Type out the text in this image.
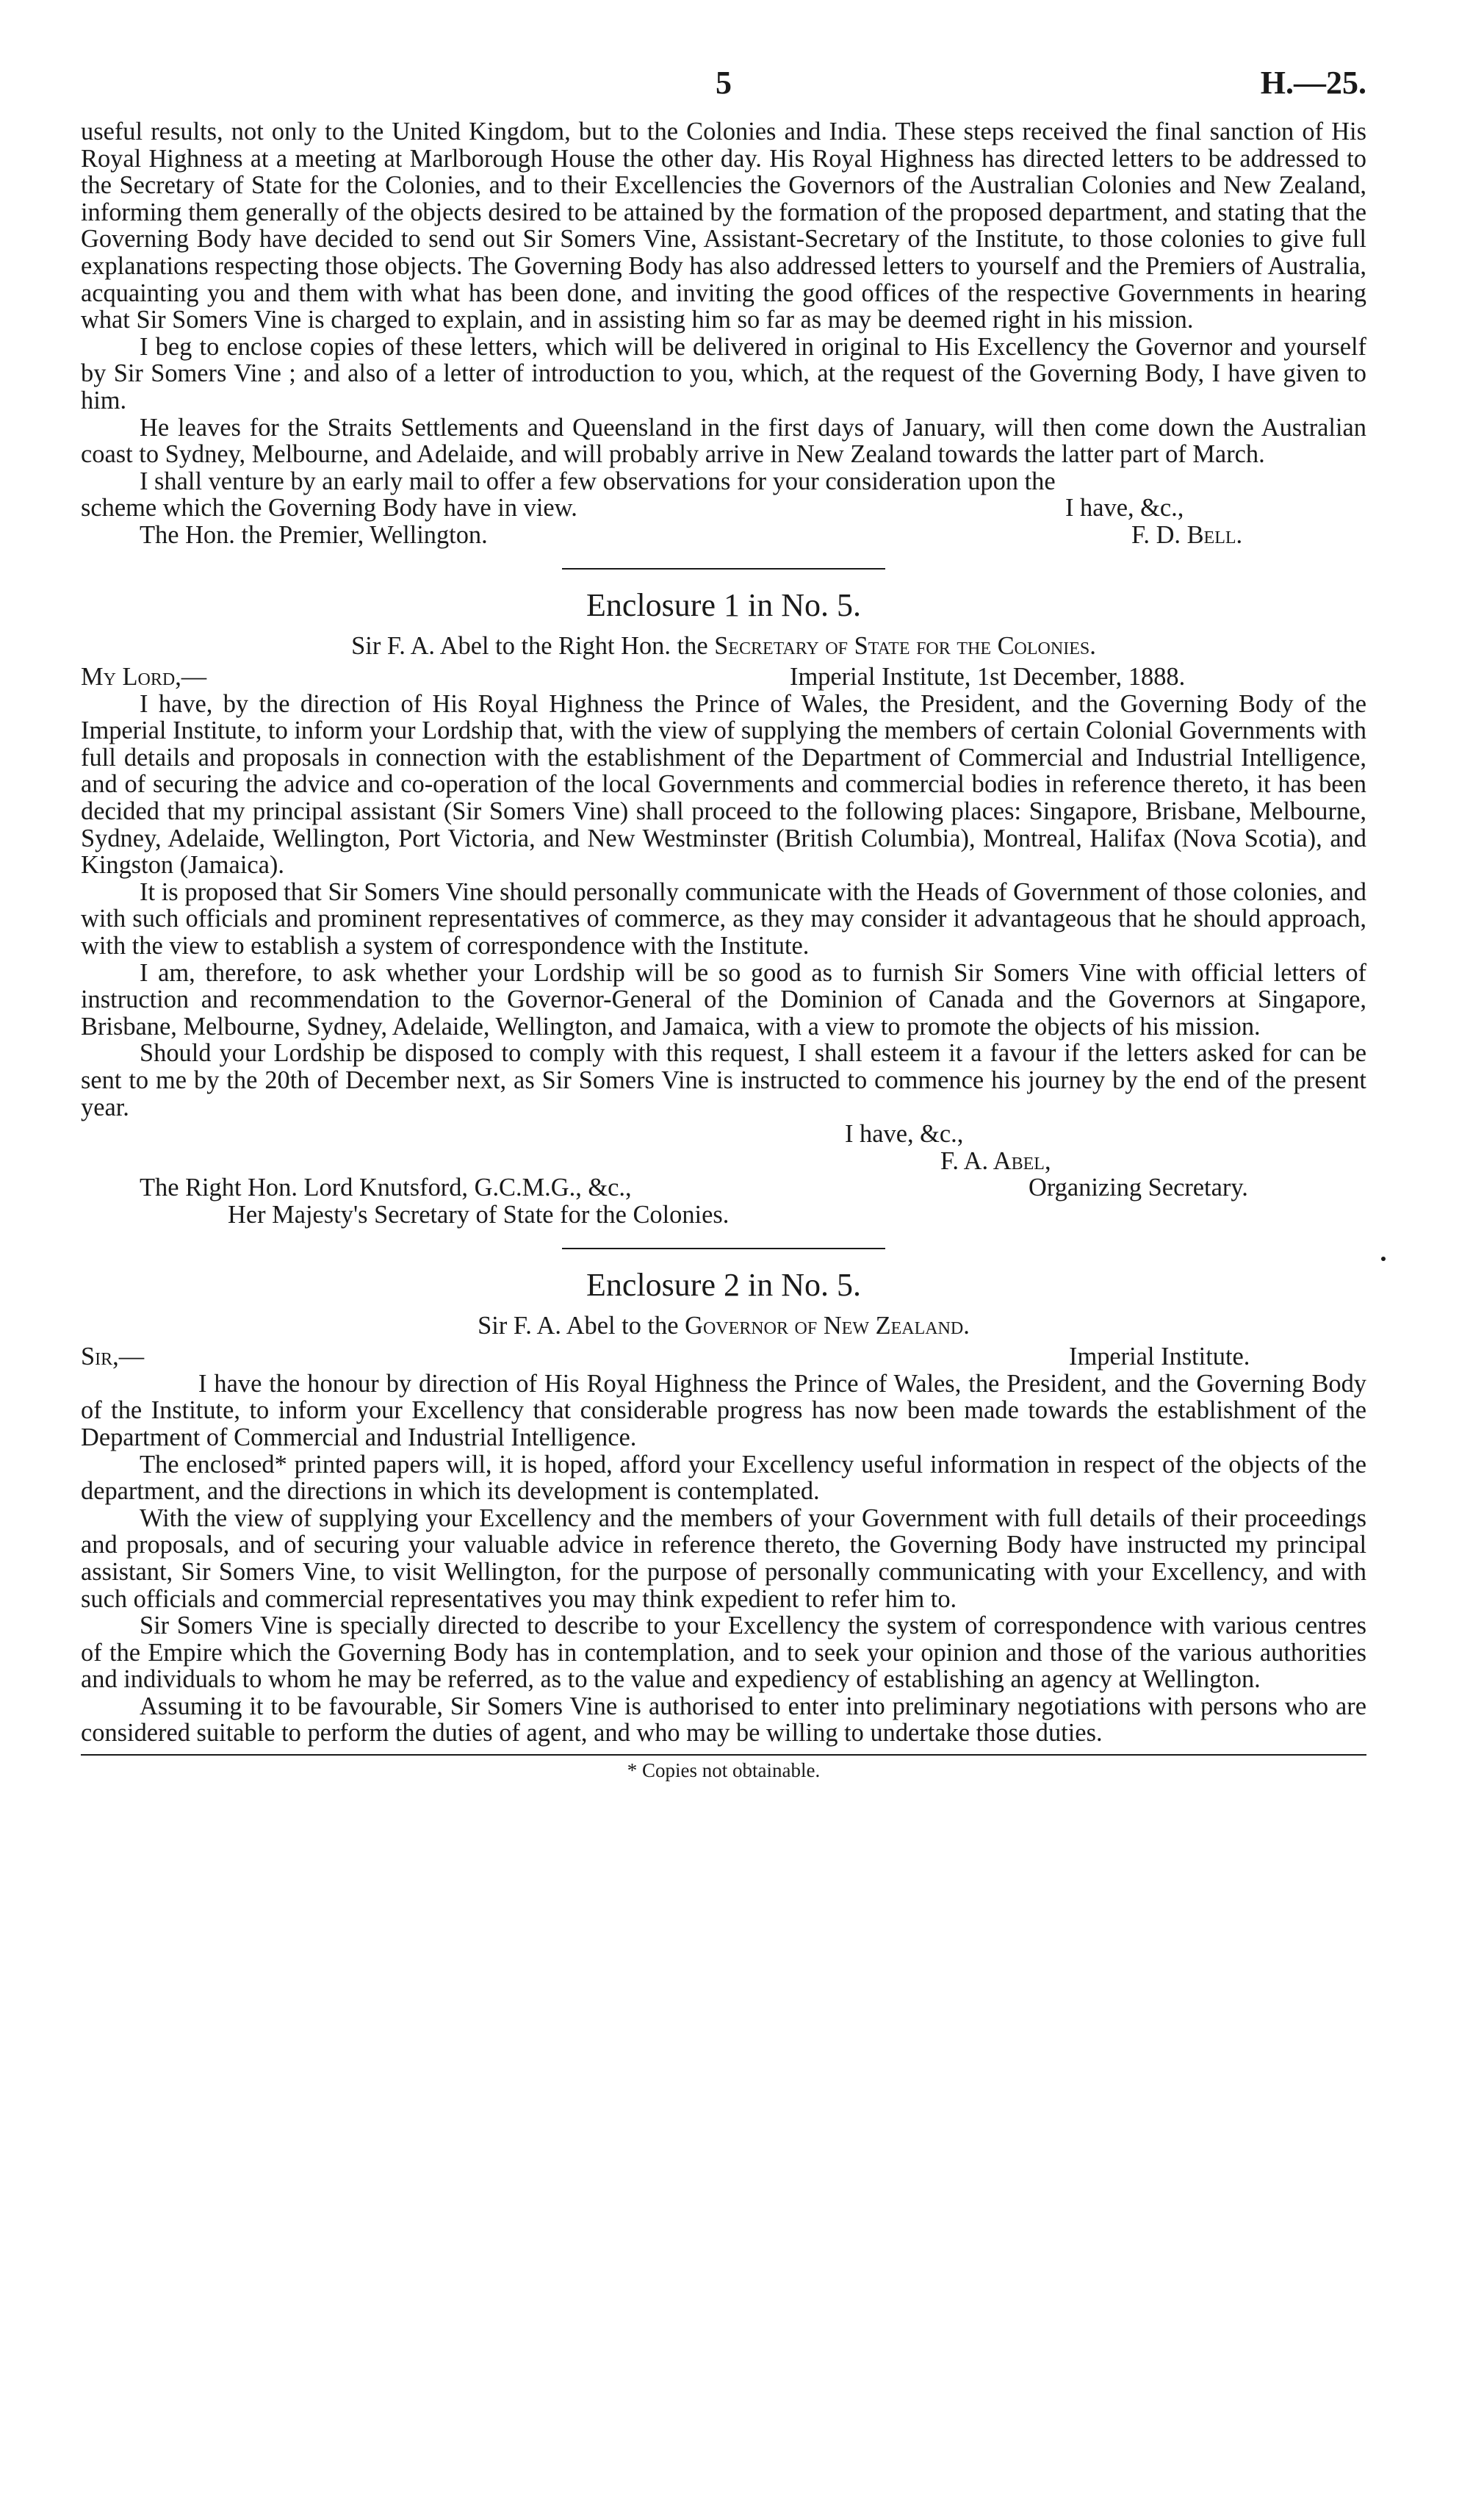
5	H.—25.

useful results, not only to the United Kingdom, but to the Colonies and India. These steps received the final sanction of His Royal Highness at a meeting at Marlborough House the other day. His Royal Highness has directed letters to be addressed to the Secretary of State for the Colonies, and to their Excellencies the Governors of the Australian Colonies and New Zealand, informing them generally of the objects desired to be attained by the formation of the proposed department, and stating that the Governing Body have decided to send out Sir Somers Vine, Assistant-Secretary of the Institute, to those colonies to give full explanations respecting those objects. The Governing Body has also addressed letters to yourself and the Premiers of Australia, acquainting you and them with what has been done, and inviting the good offices of the respective Governments in hearing what Sir Somers Vine is charged to explain, and in assisting him so far as may be deemed right in his mission.

I beg to enclose copies of these letters, which will be delivered in original to His Excellency the Governor and yourself by Sir Somers Vine ; and also of a letter of introduction to you, which, at the request of the Governing Body, I have given to him.

He leaves for the Straits Settlements and Queensland in the first days of January, will then come down the Australian coast to Sydney, Melbourne, and Adelaide, and will probably arrive in New Zealand towards the latter part of March.

I shall venture by an early mail to offer a few observations for your consideration upon the

scheme which the Governing Body have in view.	I have, &c.,
The Hon. the Premier, Wellington.	F. D. Bell.
Enclosure 1 in No. 5.
Sir F. A. Abel to the Right Hon. the Secretary of State for the Colonies.
My Lord,—	Imperial Institute, 1st December, 1888.

I have, by the direction of His Royal Highness the Prince of Wales, the President, and the Governing Body of the Imperial Institute, to inform your Lordship that, with the view of supplying the members of certain Colonial Governments with full details and proposals in connection with the establishment of the Department of Commercial and Industrial Intelligence, and of securing the advice and co-operation of the local Governments and commercial bodies in reference thereto, it has been decided that my principal assistant (Sir Somers Vine) shall proceed to the following places: Singapore, Brisbane, Melbourne, Sydney, Adelaide, Wellington, Port Victoria, and New Westminster (British Columbia), Montreal, Halifax (Nova Scotia), and Kingston (Jamaica).

It is proposed that Sir Somers Vine should personally communicate with the Heads of Government of those colonies, and with such officials and prominent representatives of commerce, as they may consider it advantageous that he should approach, with the view to establish a system of correspondence with the Institute.

I am, therefore, to ask whether your Lordship will be so good as to furnish Sir Somers Vine with official letters of instruction and recommendation to the Governor-General of the Dominion of Canada and the Governors at Singapore, Brisbane, Melbourne, Sydney, Adelaide, Wellington, and Jamaica, with a view to promote the objects of his mission.

Should your Lordship be disposed to comply with this request, I shall esteem it a favour if the letters asked for can be sent to me by the 20th of December next, as Sir Somers Vine is instructed to commence his journey by the end of the present year.

I have, &c.,
F. A. Abel,
The Right Hon. Lord Knutsford, G.C.M.G., &c.,	Organizing Secretary.
Her Majesty's Secretary of State for the Colonies.
Enclosure 2 in No. 5.
Sir F. A. Abel to the Governor of New Zealand.
Sir,—	Imperial Institute.

I have the honour by direction of His Royal Highness the Prince of Wales, the President, and the Governing Body of the Institute, to inform your Excellency that considerable progress has now been made towards the establishment of the Department of Commercial and Industrial Intelligence.

The enclosed* printed papers will, it is hoped, afford your Excellency useful information in respect of the objects of the department, and the directions in which its development is contemplated.

With the view of supplying your Excellency and the members of your Government with full details of their proceedings and proposals, and of securing your valuable advice in reference thereto, the Governing Body have instructed my principal assistant, Sir Somers Vine, to visit Wellington, for the purpose of personally communicating with your Excellency, and with such officials and commercial representatives you may think expedient to refer him to.

Sir Somers Vine is specially directed to describe to your Excellency the system of correspondence with various centres of the Empire which the Governing Body has in contemplation, and to seek your opinion and those of the various authorities and individuals to whom he may be referred, as to the value and expediency of establishing an agency at Wellington.

Assuming it to be favourable, Sir Somers Vine is authorised to enter into preliminary negotiations with persons who are considered suitable to perform the duties of agent, and who may be willing to undertake those duties.

* Copies not obtainable.
